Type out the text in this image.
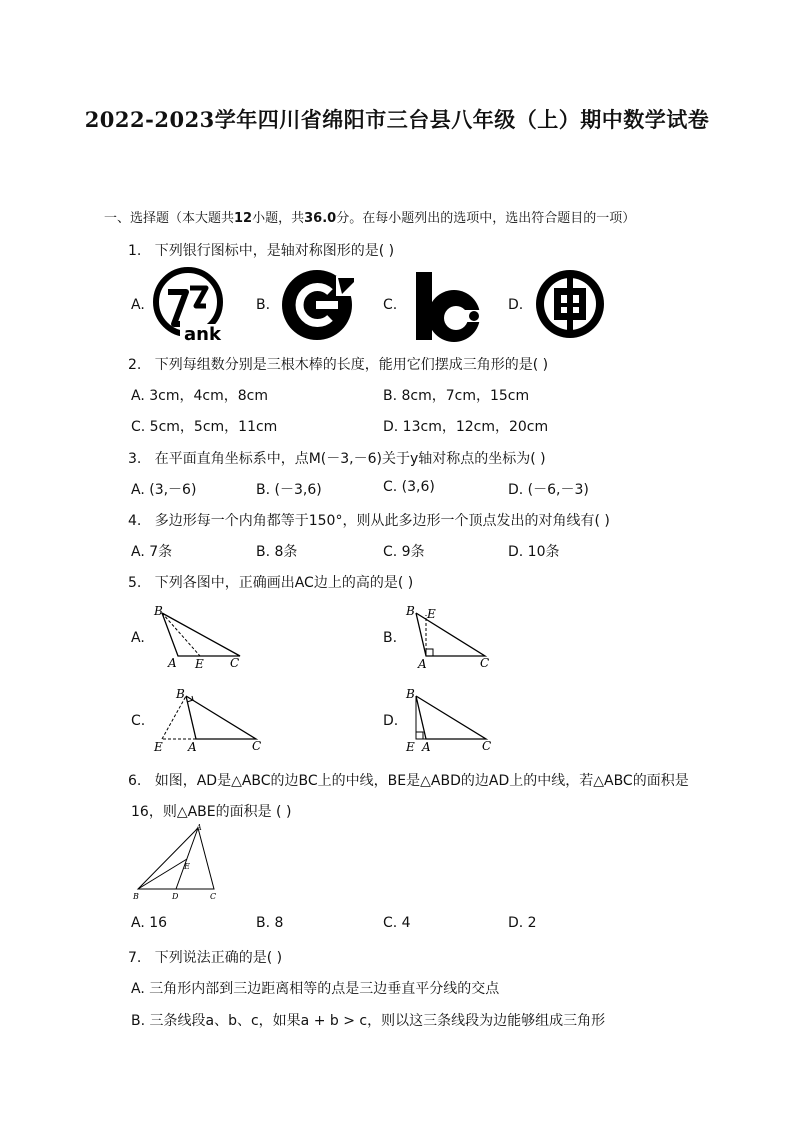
2022-2023学年四川省绵阳市三台县八年级（上）期中数学试卷
一、选择题（本大题共12小题，共36.0分。在每小题列出的选项中，选出符合题目的一项）
1. 下列银行图标中，是轴对称图形的是( )
A.	B.	C.	D.
ank
2. 下列每组数分别是三根木棒的长度，能用它们摆成三角形的是( )
A. 3cm，4cm，8cm	B. 8cm，7cm，15cm
C. 5cm，5cm，11cm	D. 13cm，12cm，20cm
3. 在平面直角坐标系中，点M(－3,－6)关于y轴对称点的坐标为( )
A. (3,－6)	B. (－3,6)	C. (3,6)	D. (－6,－3)
4. 多边形每一个内角都等于150°，则从此多边形一个顶点发出的对角线有( )
A. 7条	B. 8条	C. 9条	D. 10条
5. 下列各图中，正确画出AC边上的高的是( )
A.
B
A E C
B.
B E
A	C
C.
B
E A	C
D.
B
E A	C
6. 如图，AD是△ABC的边BC上的中线，BE是△ABD的边AD上的中线，若△ABC的面积是
16，则△ABE的面积是 ( )
A
E
B	D	C
A. 16	B. 8	C. 4	D. 2
7. 下列说法正确的是( )
A. 三角形内部到三边距离相等的点是三边垂直平分线的交点
B. 三条线段a、b、c，如果a + b > c，则以这三条线段为边能够组成三角形
